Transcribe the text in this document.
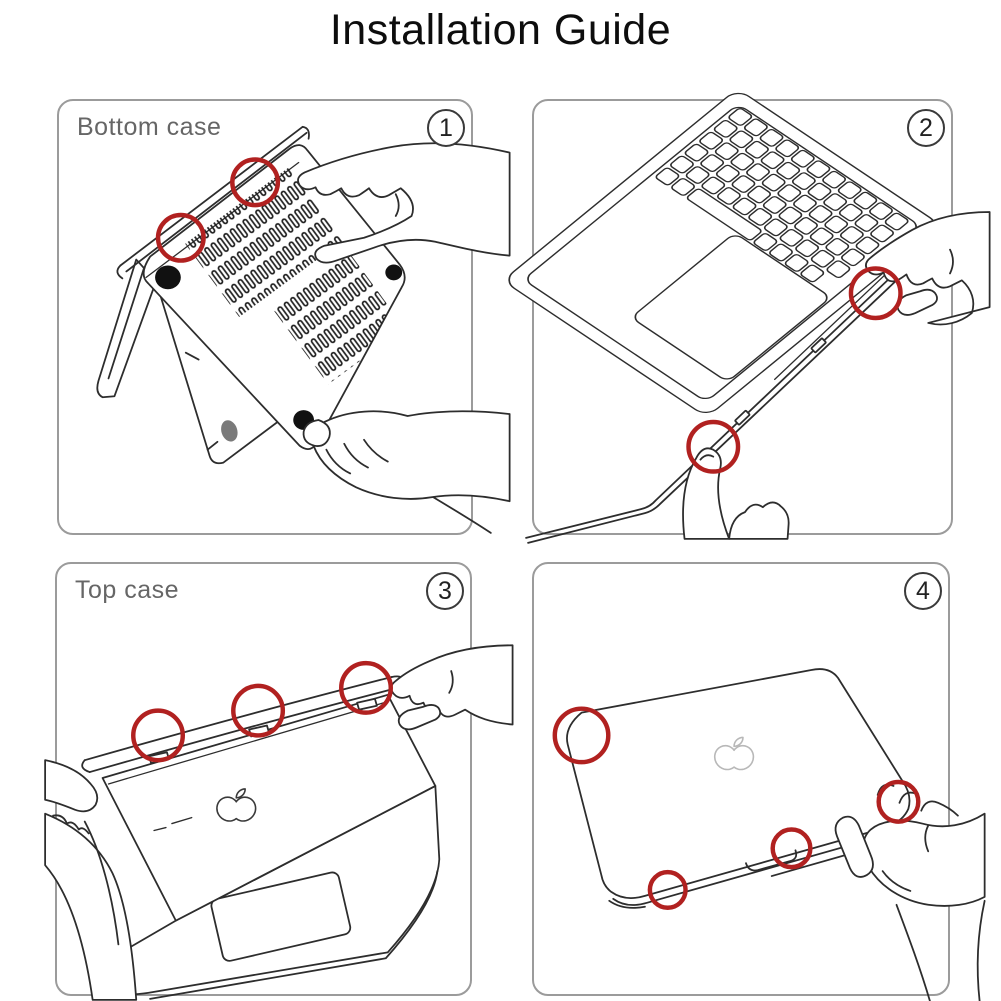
Installation Guide
Bottom case	1	2
Top case	3	4
